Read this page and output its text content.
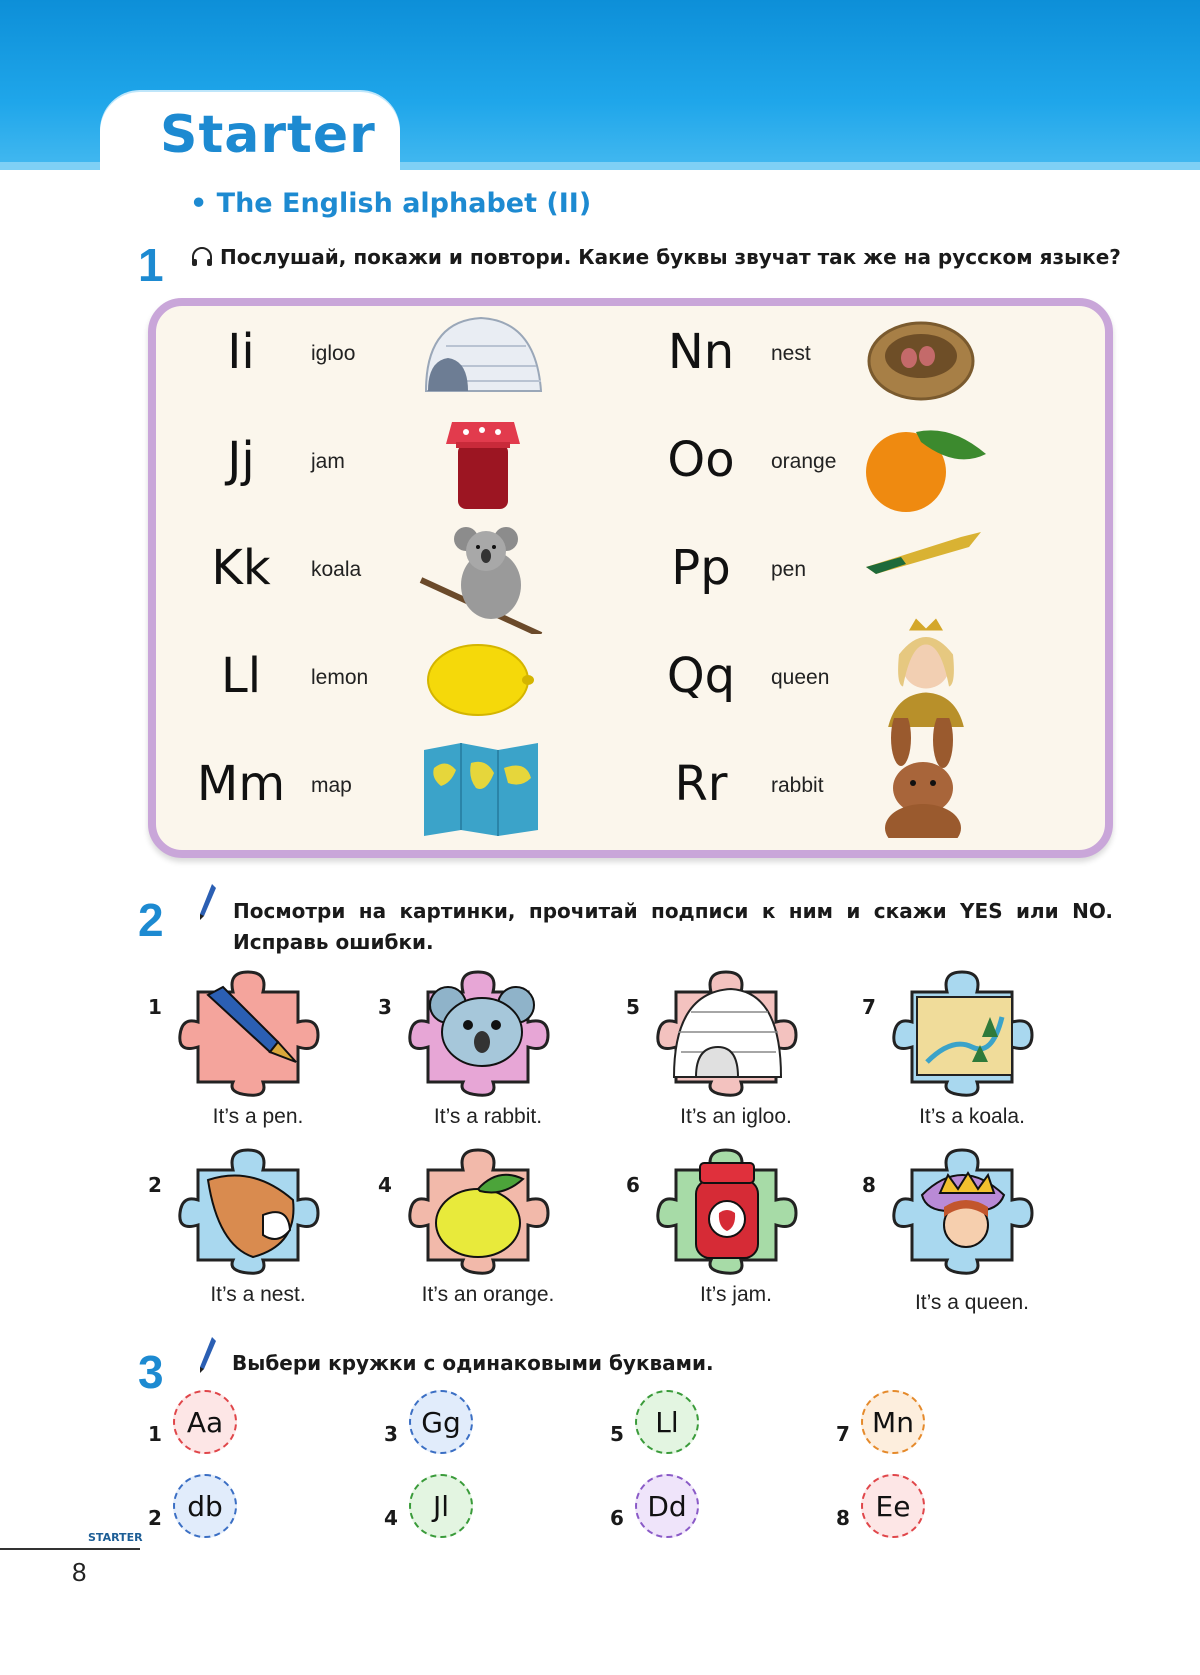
Starter
• The English alphabet (II)
1	Послушай, покажи и повтори. Какие буквы звучат так же на русском языке?
Ii	igloo
Jj	jam
Kk	koala
Ll	lemon
Mm	map
Nn	nest
Oo	orange
Pp	pen
Qq	queen
Rr	rabbit
2	Посмотри на картинки, прочитай подписи к ним и скажи YES или NO.
Исправь ошибки.
1
It’s a pen.
3
It’s a rabbit.
5
It’s an igloo.
7
It’s a koala.
2
It’s a nest.
4
It’s an orange.
6
It’s jam.
8
It’s a queen.
3	Выбери кружки с одинаковыми буквами.
1 Aa	3 Gg	5	Ll	7 Mn
2 db	4	Jl	6 Dd	8 Ee
STARTER
8
